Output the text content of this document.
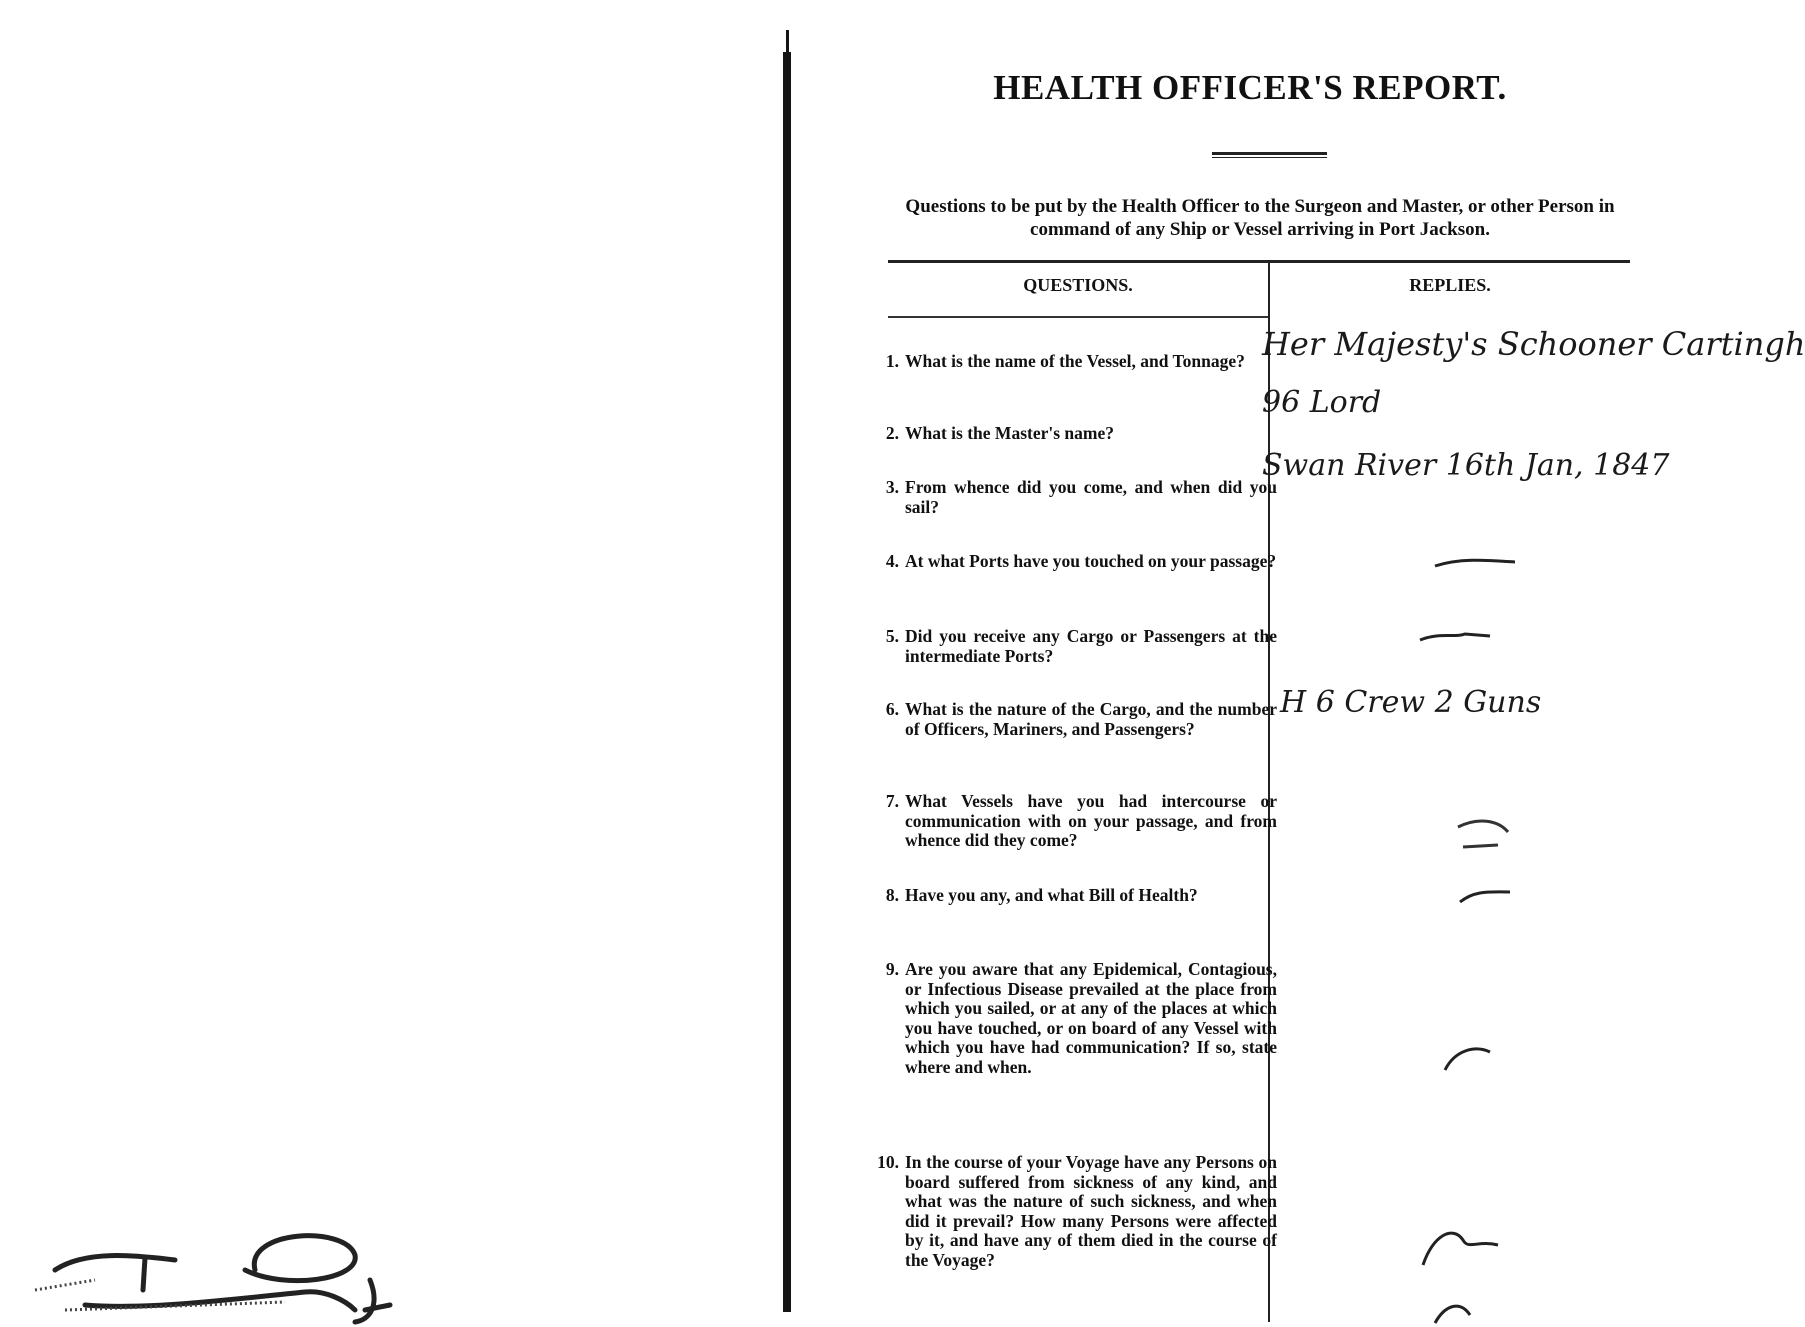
HEALTH OFFICER'S REPORT.
Questions to be put by the Health Officer to the Surgeon and Master, or other Person in command of any Ship or Vessel arriving in Port Jackson.
QUESTIONS.	REPLIES.
1. What is the name of the Vessel, and Tonnage?
2. What is the Master's name?
3. From whence did you come, and when did you sail?
4. At what Ports have you touched on your passage?
5. Did you receive any Cargo or Passengers at the intermediate Ports?
6. What is the nature of the Cargo, and the number of Officers, Mariners, and Passengers?
7. What Vessels have you had intercourse or communication with on your passage, and from whence did they come?
8. Have you any, and what Bill of Health?
9. Are you aware that any Epidemical, Contagious, or Infectious Disease prevailed at the place from which you sailed, or at any of the places at which you have touched, or on board of any Vessel with which you have had communication? If so, state where and when.
10. In the course of your Voyage have any Persons on board suffered from sickness of any kind, and what was the nature of such sickness, and when did it prevail? How many Persons were affected by it, and have any of them died in the course of the Voyage?
Her Majesty's Schooner Cartingh
96 Lord
Swan River 16th Jan, 1847
H 6 Crew 2 Guns
